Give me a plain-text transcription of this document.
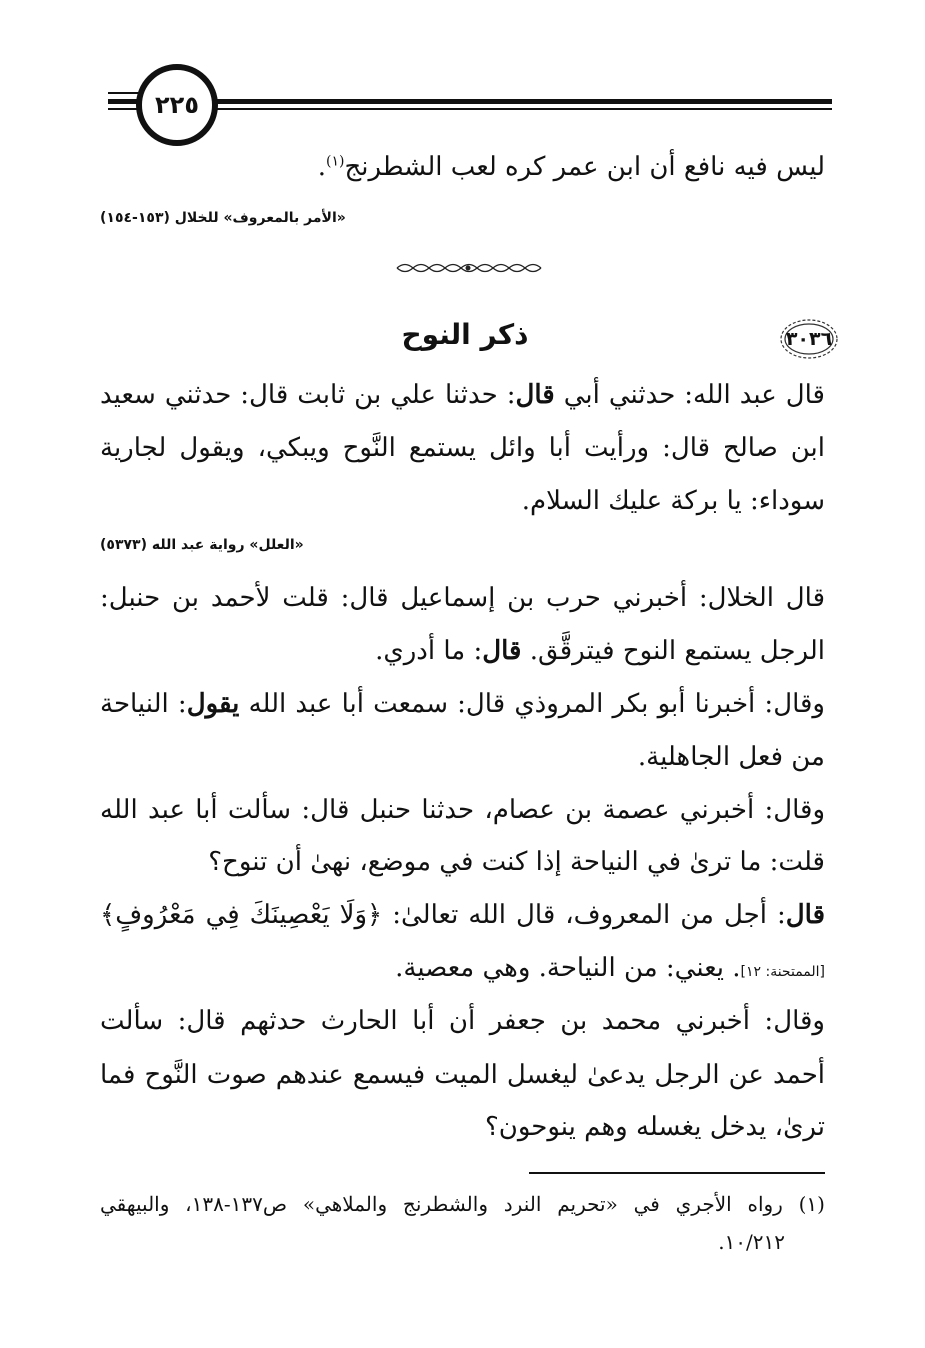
٢٢٥
ليس فيه نافع أن ابن عمر كره لعب الشطرنج$^{(١)}$.
«الأمر بالمعروف» للخلال (١٥٣-١٥٤)
٣٠٣٦
ذكر النوح
قال عبد الله: حدثني أبي قال: حدثنا علي بن ثابت قال: حدثني سعيد
ابن صالح قال: ورأيت أبا وائل يستمع النَّوح ويبكي، ويقول لجارية
سوداء: يا بركة عليك السلام.
«العلل» رواية عبد الله (٥٣٧٣)
قال الخلال: أخبرني حرب بن إسماعيل قال: قلت لأحمد بن حنبل:
الرجل يستمع النوح فيترقَّق. قال: ما أدري.
وقال: أخبرنا أبو بكر المروذي قال: سمعت أبا عبد الله يقول: النياحة
من فعل الجاهلية.
وقال: أخبرني عصمة بن عصام، حدثنا حنبل قال: سألت أبا عبد الله
قلت: ما ترىٰ في النياحة إذا كنت في موضع، نهىٰ أن تنوح؟
قال: أجل من المعروف، قال الله تعالىٰ: ﴿وَلَا يَعْصِينَكَ فِي مَعْرُوفٍ﴾
[الممتحنة: ١٢]. يعني: من النياحة. وهي معصية.
وقال: أخبرني محمد بن جعفر أن أبا الحارث حدثهم قال: سألت
أحمد عن الرجل يدعىٰ ليغسل الميت فيسمع عندهم صوت النَّوح فما
ترىٰ، يدخل يغسله وهم ينوحون؟
(١) رواه الأجري في «تحريم النرد والشطرنج والملاهي» ص١٣٧-١٣٨، والبيهقي
١٠/٢١٢.
